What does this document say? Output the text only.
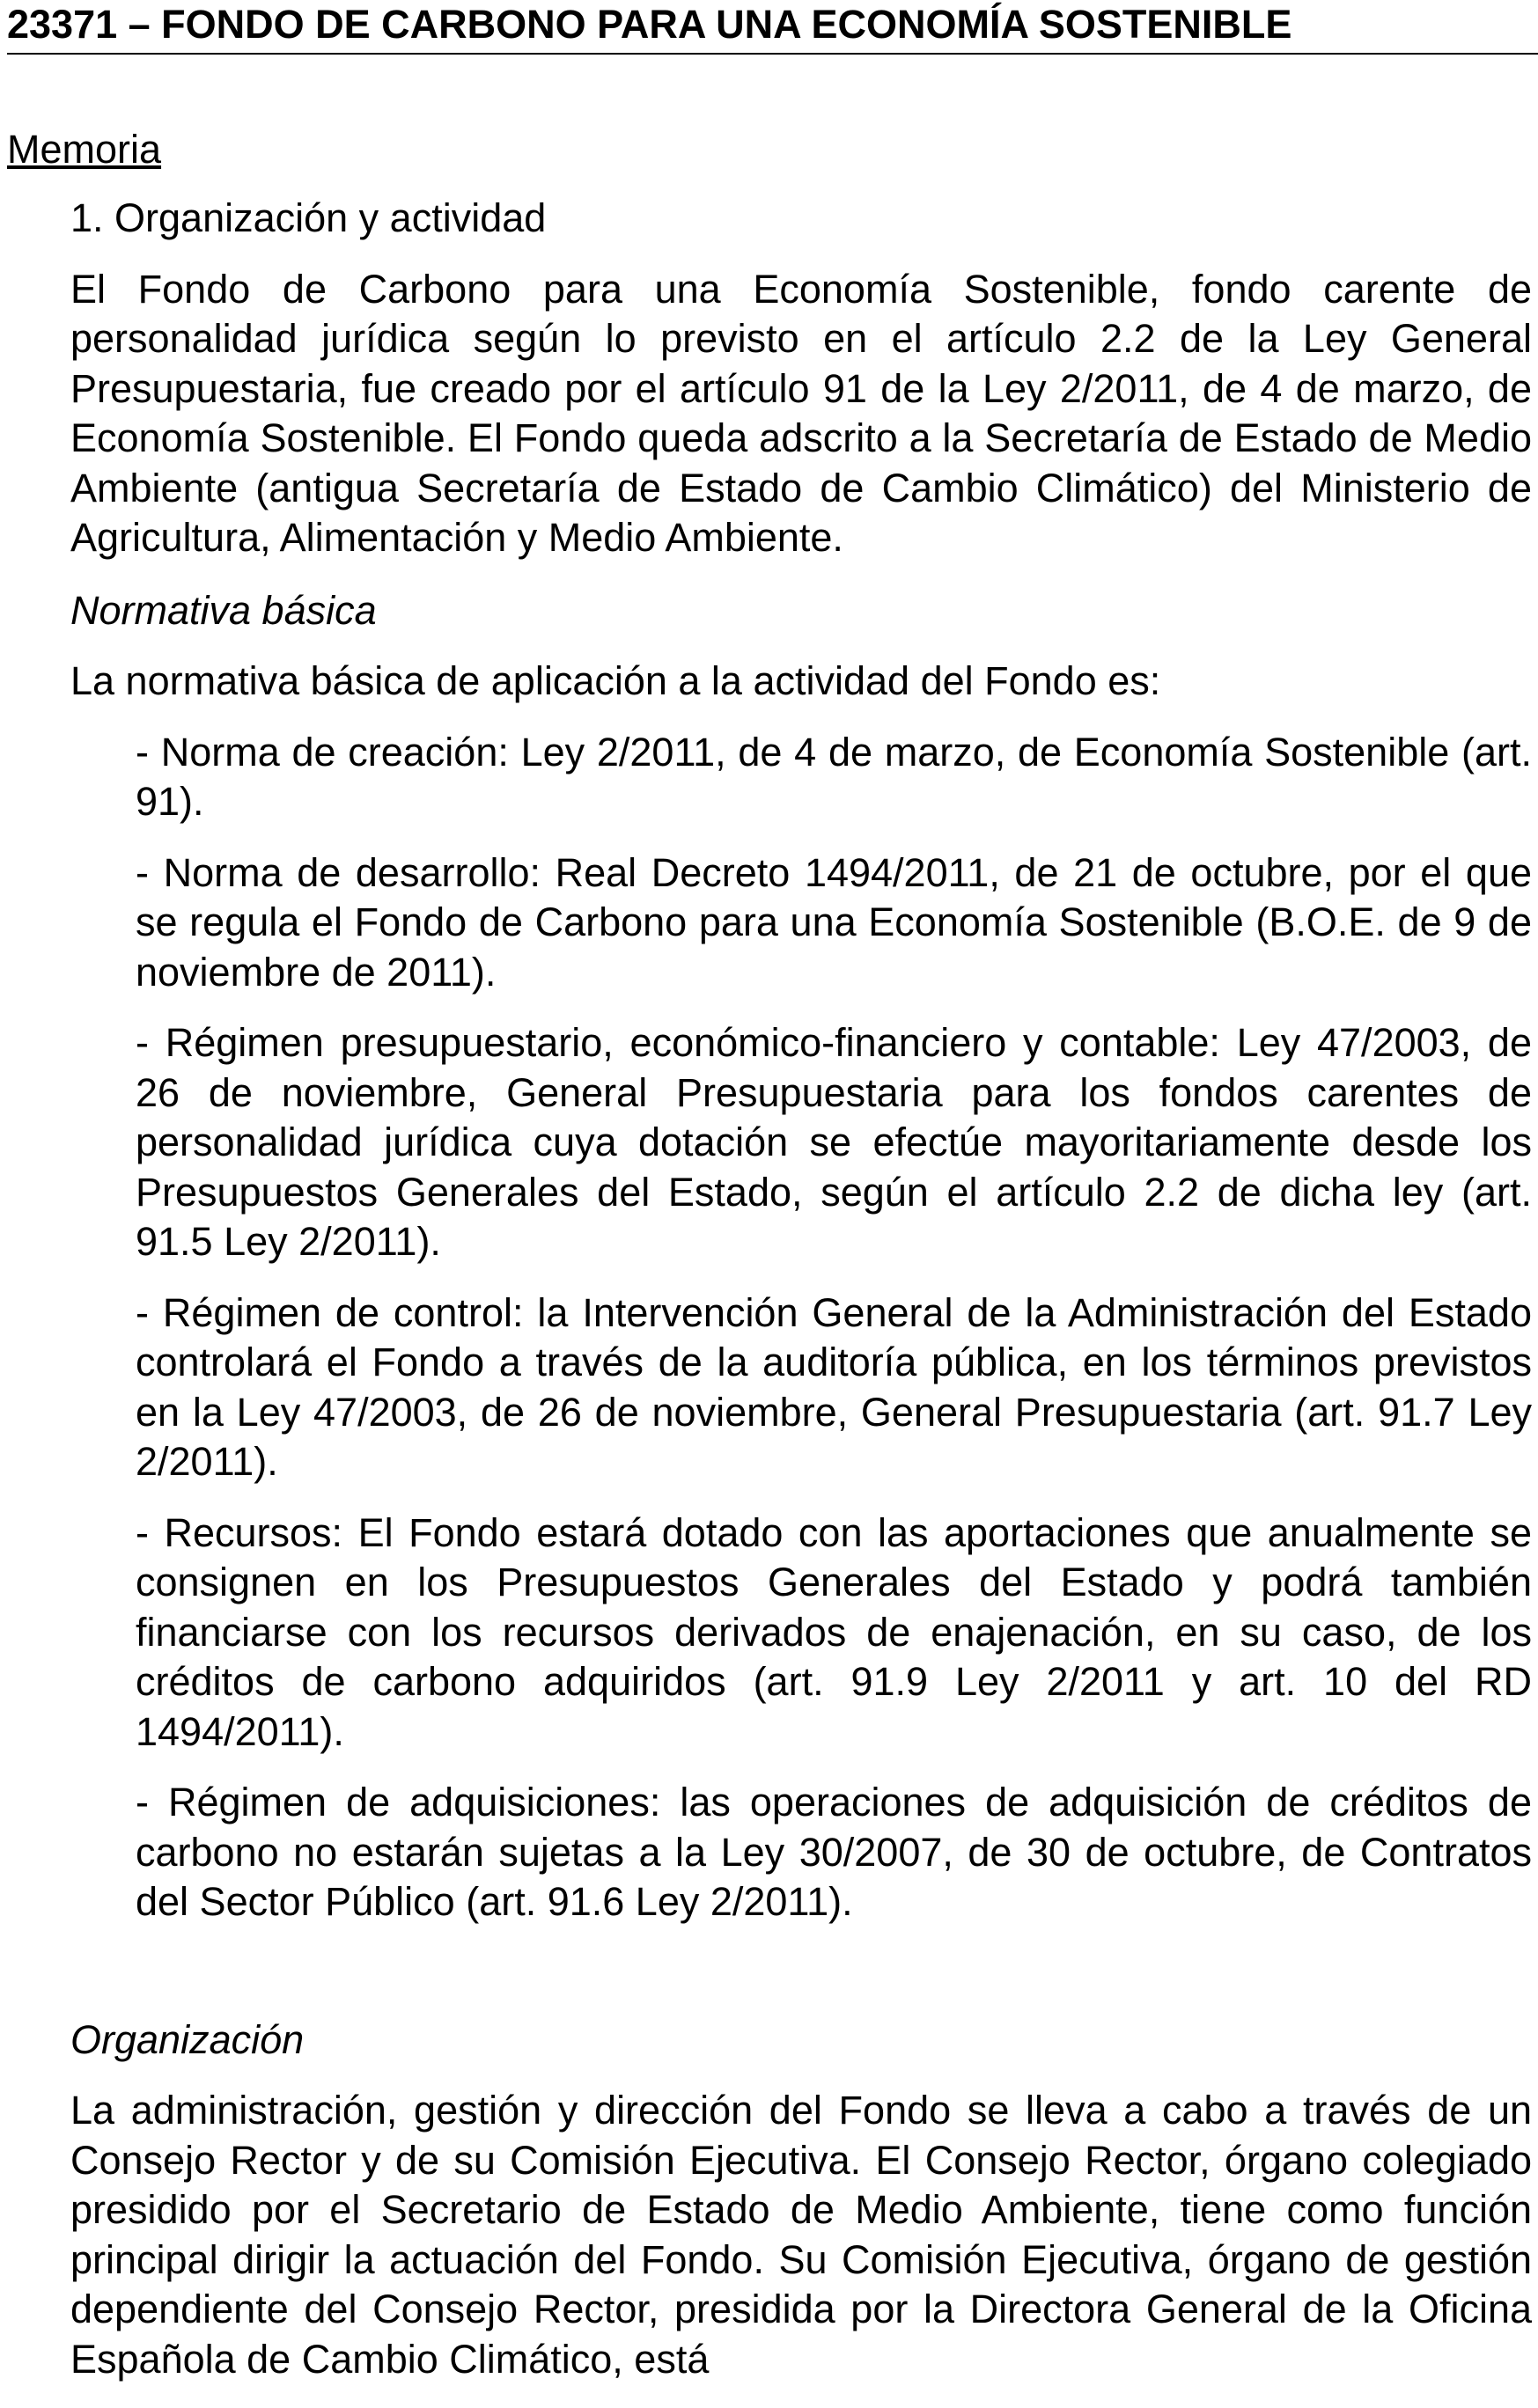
23371 – FONDO DE CARBONO PARA UNA ECONOMÍA SOSTENIBLE
Memoria
1. Organización y actividad

El Fondo de Carbono para una Economía Sostenible, fondo carente de personalidad jurídica según lo previsto en el artículo 2.2 de la Ley General Presupuestaria, fue creado por el artículo 91 de la Ley 2/2011, de 4 de marzo, de Economía Sostenible. El Fondo queda adscrito a la Secretaría de Estado de Medio Ambiente (antigua Secretaría de Estado de Cambio Climático) del Ministerio de Agricultura, Alimentación y Medio Ambiente.

Normativa básica

La normativa básica de aplicación a la actividad del Fondo es:

- Norma de creación: Ley 2/2011, de 4 de marzo, de Economía Sostenible (art. 91).
- Norma de desarrollo: Real Decreto 1494/2011, de 21 de octubre, por el que se regula el Fondo de Carbono para una Economía Sostenible (B.O.E. de 9 de noviembre de 2011).
- Régimen presupuestario, económico-financiero y contable: Ley 47/2003, de 26 de noviembre, General Presupuestaria para los fondos carentes de personalidad jurídica cuya dotación se efectúe mayoritariamente desde los Presupuestos Generales del Estado, según el artículo 2.2 de dicha ley (art. 91.5 Ley 2/2011).
- Régimen de control: la Intervención General de la Administración del Estado controlará el Fondo a través de la auditoría pública, en los términos previstos en la Ley 47/2003, de 26 de noviembre, General Presupuestaria (art. 91.7 Ley 2/2011).
- Recursos: El Fondo estará dotado con las aportaciones que anualmente se consignen en los Presupuestos Generales del Estado y podrá también financiarse con los recursos derivados de enajenación, en su caso, de los créditos de carbono adquiridos (art. 91.9 Ley 2/2011 y art. 10 del RD 1494/2011).
- Régimen de adquisiciones: las operaciones de adquisición de créditos de carbono no estarán sujetas a la Ley 30/2007, de 30 de octubre, de Contratos del Sector Público (art. 91.6 Ley 2/2011).
Organización

La administración, gestión y dirección del Fondo se lleva a cabo a través de un Consejo Rector y de su Comisión Ejecutiva. El Consejo Rector, órgano colegiado presidido por el Secretario de Estado de Medio Ambiente, tiene como función principal dirigir la actuación del Fondo. Su Comisión Ejecutiva, órgano de gestión dependiente del Consejo Rector, presidida por la Directora General de la Oficina Española de Cambio Climático, está
